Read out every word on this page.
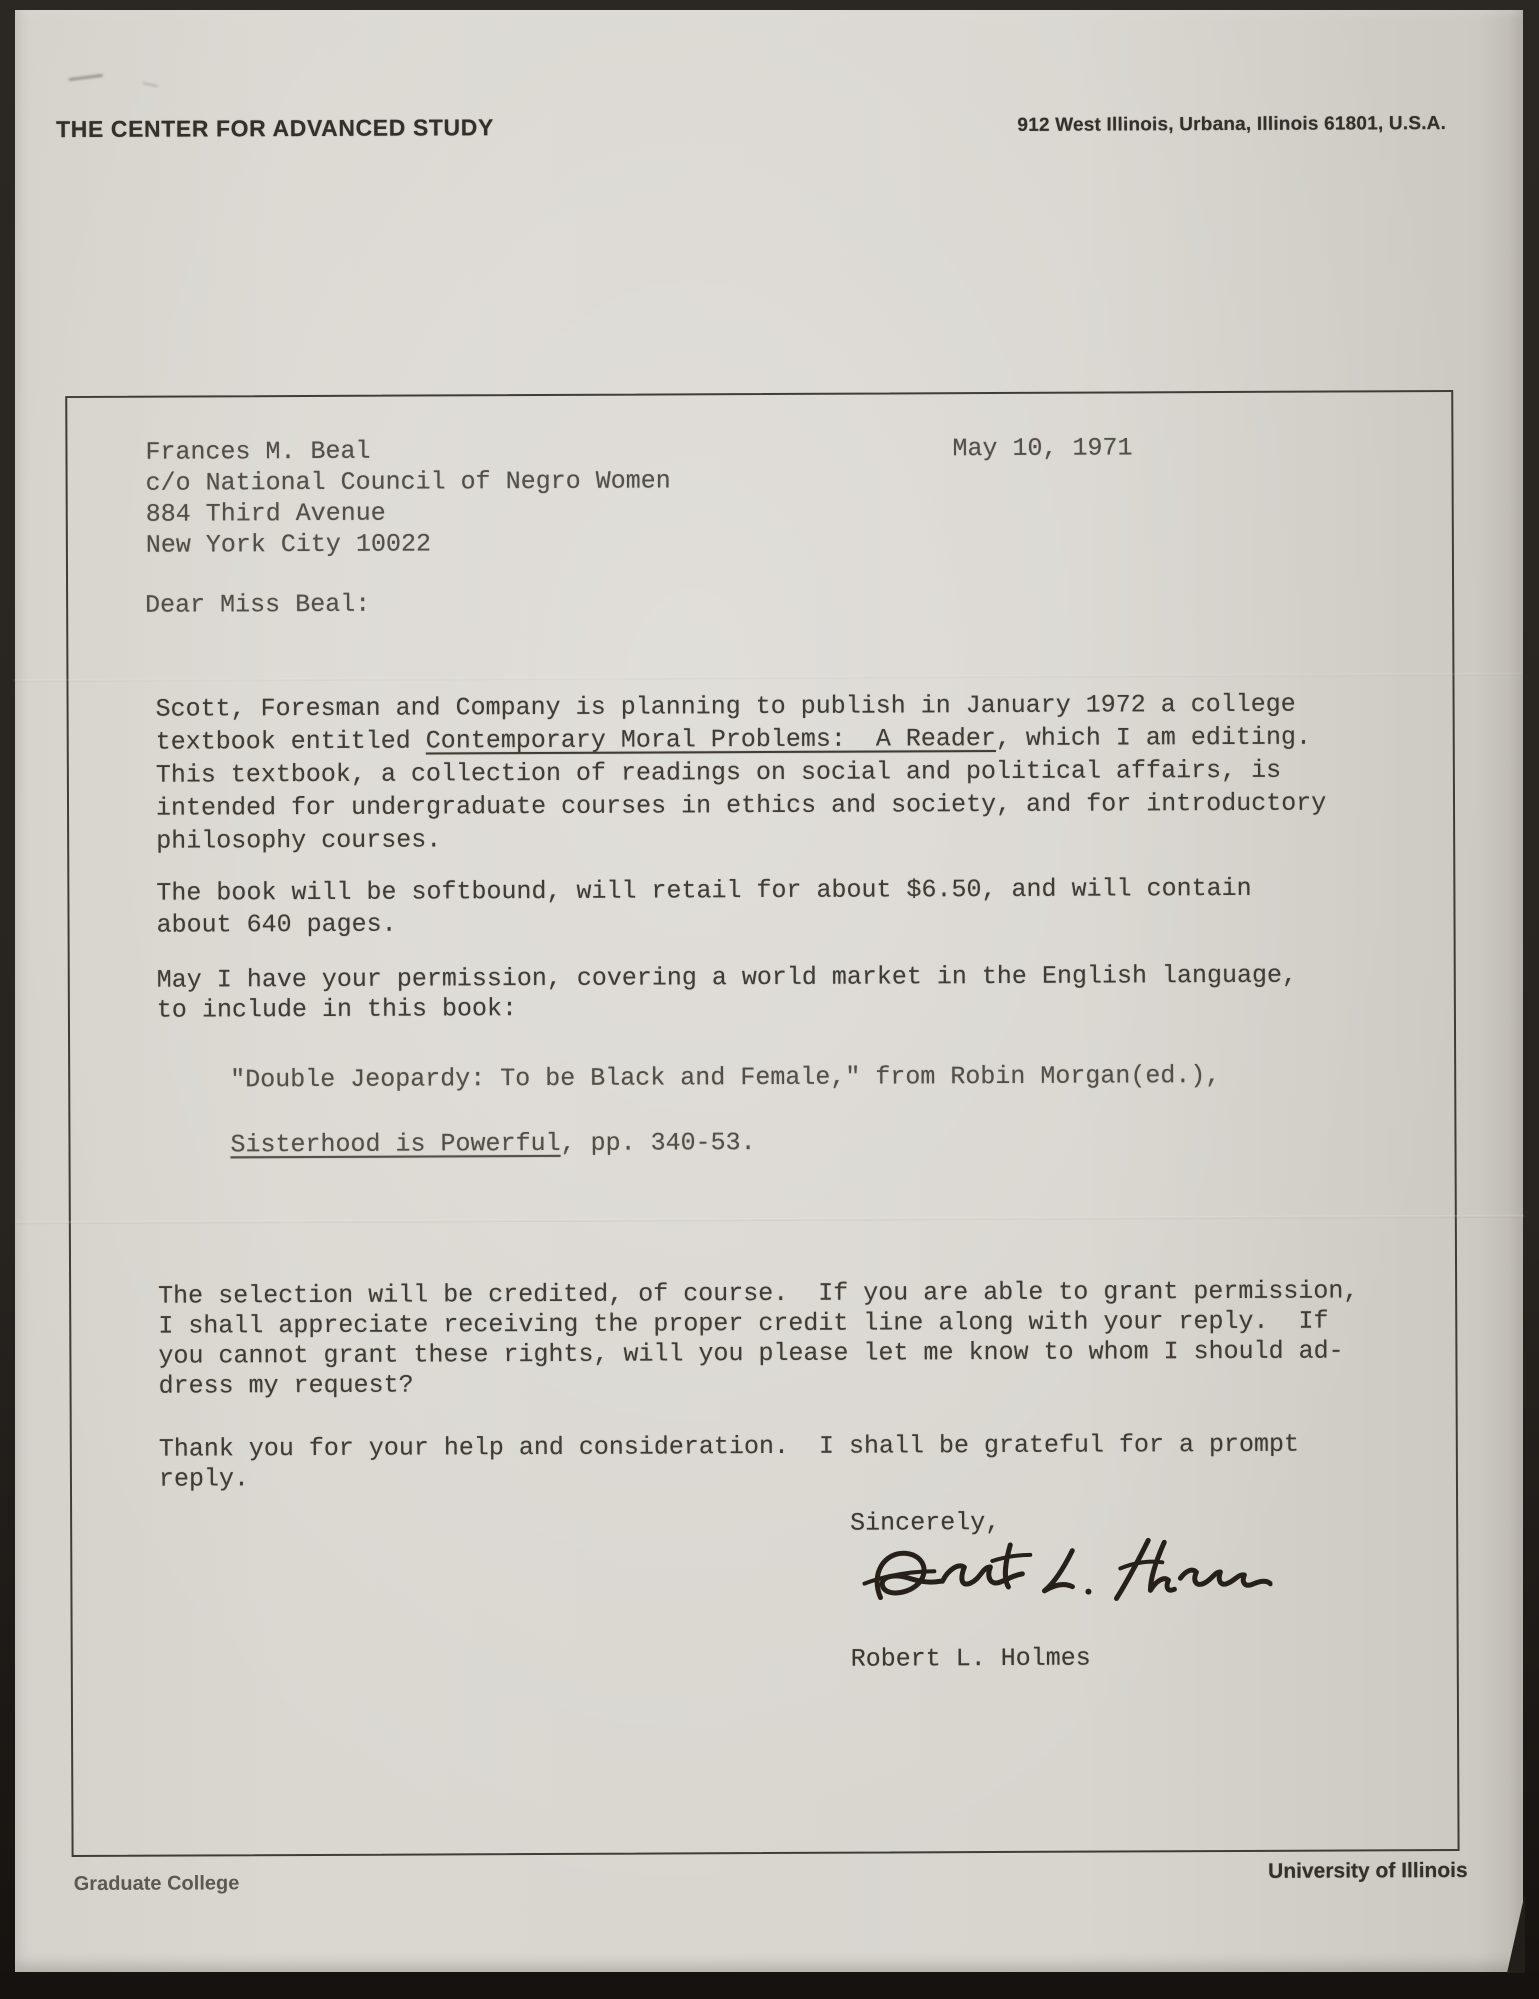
THE CENTER FOR ADVANCED STUDY	912 West Illinois, Urbana, Illinois 61801, U.S.A.
Frances M. Beal
c/o National Council of Negro Women
884 Third Avenue
New York City 10022
May 10, 1971
Dear Miss Beal:
Scott, Foresman and Company is planning to publish in January 1972 a college
textbook entitled Contemporary Moral Problems:  A Reader, which I am editing.
This textbook, a collection of readings on social and political affairs, is
intended for undergraduate courses in ethics and society, and for introductory
philosophy courses.
The book will be softbound, will retail for about $6.50, and will contain
about 640 pages.
May I have your permission, covering a world market in the English language,
to include in this book:
"Double Jeopardy: To be Black and Female," from Robin Morgan(ed.),
Sisterhood is Powerful, pp. 340-53.
The selection will be credited, of course.  If you are able to grant permission,
I shall appreciate receiving the proper credit line along with your reply.  If
you cannot grant these rights, will you please let me know to whom I should ad-
dress my request?
Thank you for your help and consideration.  I shall be grateful for a prompt
reply.
Sincerely,
Robert L. Holmes
Graduate College
University of Illinois
